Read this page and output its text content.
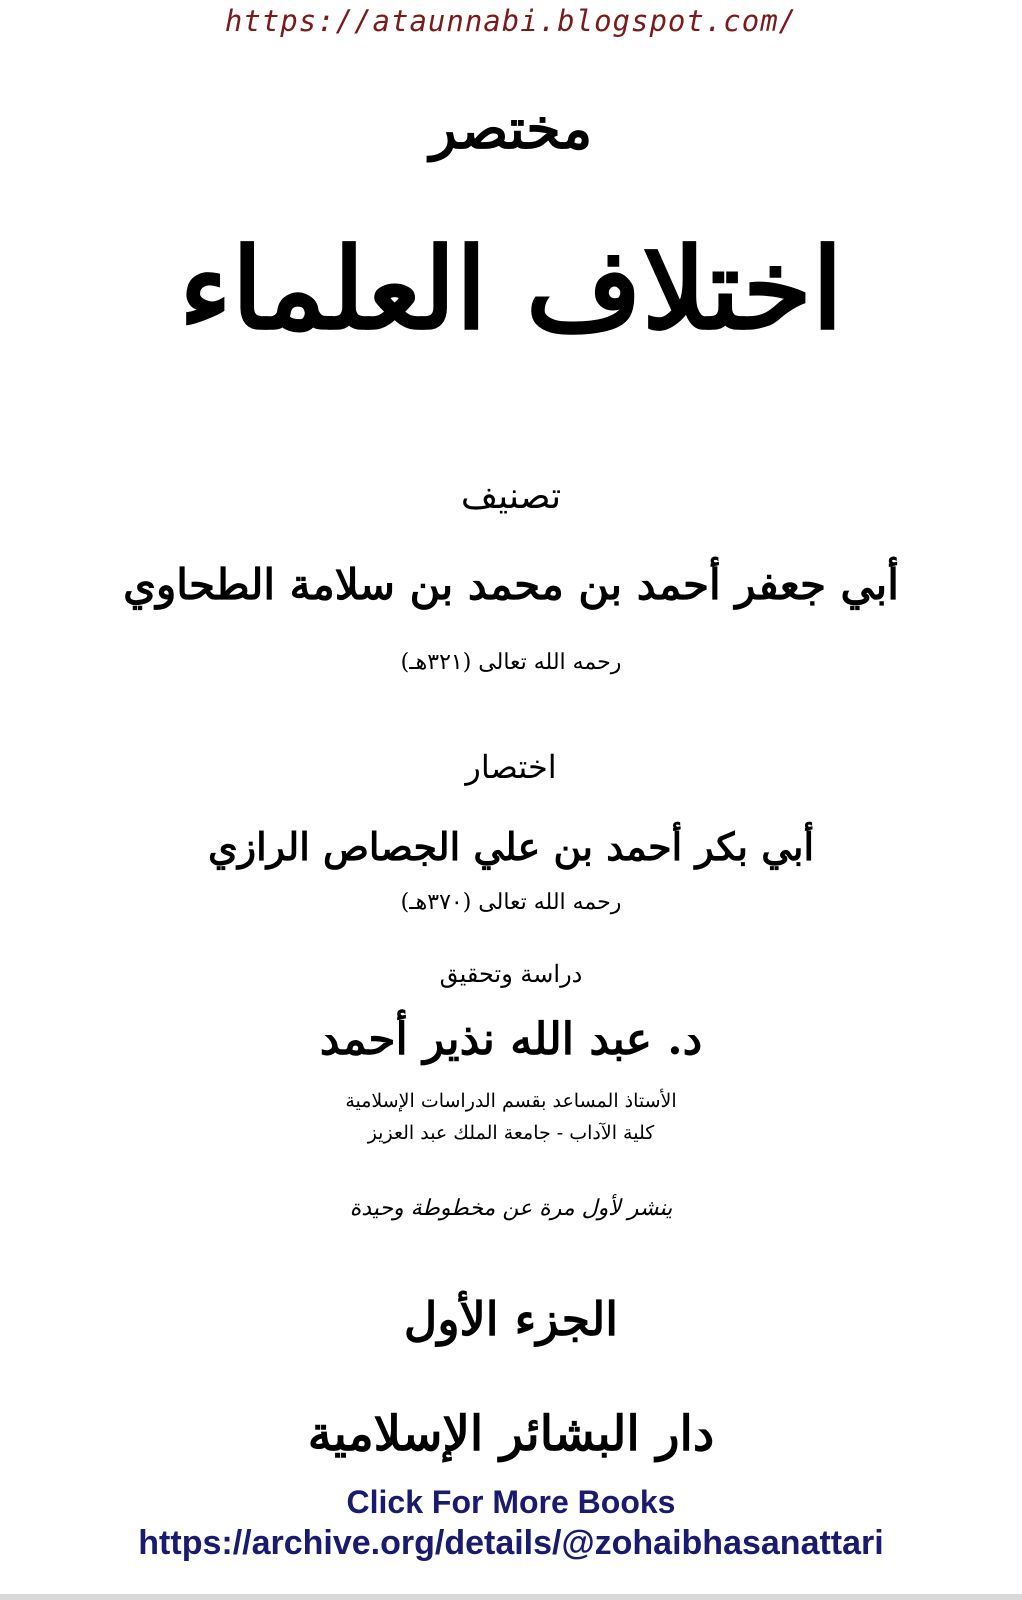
https://ataunnabi.blogspot.com/
مختصر
اختلاف العلماء
تصنيف
أبي جعفر أحمد بن محمد بن سلامة الطحاوي
رحمه الله تعالى (٣٢١هـ)
اختصار
أبي بكر أحمد بن علي الجصاص الرازي
رحمه الله تعالى (٣٧٠هـ)
دراسة وتحقيق
د. عبد الله نذير أحمد
الأستاذ المساعد بقسم الدراسات الإسلامية
كلية الآداب - جامعة الملك عبد العزيز
ينشر لأول مرة عن مخطوطة وحيدة
الجزء الأول
دار البشائر الإسلامية
Click For More Books
https://archive.org/details/@zohaibhasanattari
